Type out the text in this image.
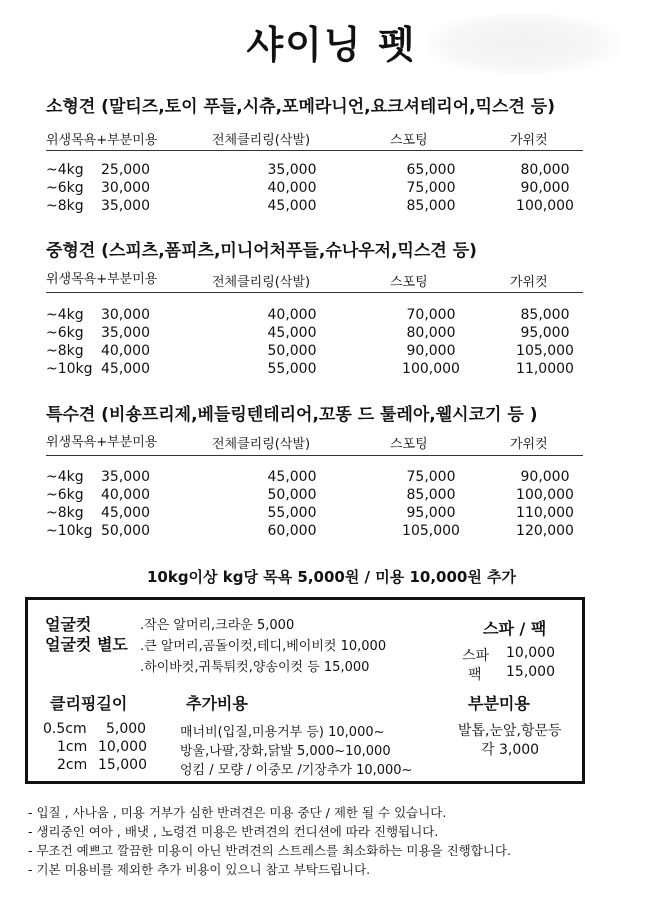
샤이닝 펫
소형견 (말티즈,토이 푸들,시츄,포메라니언,요크셔테리어,믹스견 등)
위생목욕+부분미용	전체클리링(삭발)	스포팅	가위컷
~4kg 25,000	35,000	65,000	80,000
~6kg 30,000	40,000	75,000	90,000
~8kg 35,000	45,000	85,000	100,000
중형견 (스피츠,폼피츠,미니어처푸들,슈나우저,믹스견 등)
위생목욕+부분미용	전체클리링(삭발)	스포팅	가위컷
~4kg 30,000	40,000	70,000	85,000
~6kg 35,000	45,000	80,000	95,000
~8kg 40,000	50,000	90,000	105,000
~10kg 45,000	55,000	100,000	11,0000
특수견 (비숑프리제,베들링텐테리어,꼬똥 드 툴레아,웰시코기 등 )
위생목욕+부분미용	전체클리링(삭발)	스포팅	가위컷
~4kg 35,000	45,000	75,000	90,000
~6kg 40,000	50,000	85,000	100,000
~8kg 45,000	55,000	95,000	110,000
~10kg 50,000	60,000	105,000	120,000
10kg이상 kg당 목욕 5,000원 / 미용 10,000원 추가
얼굴컷
얼굴컷 별도
.작은 알머리,크라운 5,000
.큰 알머리,곰돌이컷,테디,베이비컷 10,000
.하이바컷,귀툭튀컷,양송이컷 등 15,000
스파 / 팩
스파 10,000
팩 15,000
클리핑길이
0.5cm 5,000
1cm 10,000
2cm 15,000
추가비용
매너비(입질,미용거부 등) 10,000~
방울,나팔,장화,닭발 5,000~10,000
엉킴 / 모량 / 이중모 /기장추가 10,000~
부분미용
발톱,눈앞,항문등
각 3,000
- 입질 , 사나움 , 미용 거부가 심한 반려견은 미용 중단 / 제한 될 수 있습니다.
- 생리중인 여아 , 배냇 , 노령견 미용은 반려견의 컨디션에 따라 진행됩니다.
- 무조건 예쁘고 깔끔한 미용이 아닌 반려견의 스트레스를 최소화하는 미용을 진행합니다.
- 기본 미용비를 제외한 추가 비용이 있으니 참고 부탁드립니다.
